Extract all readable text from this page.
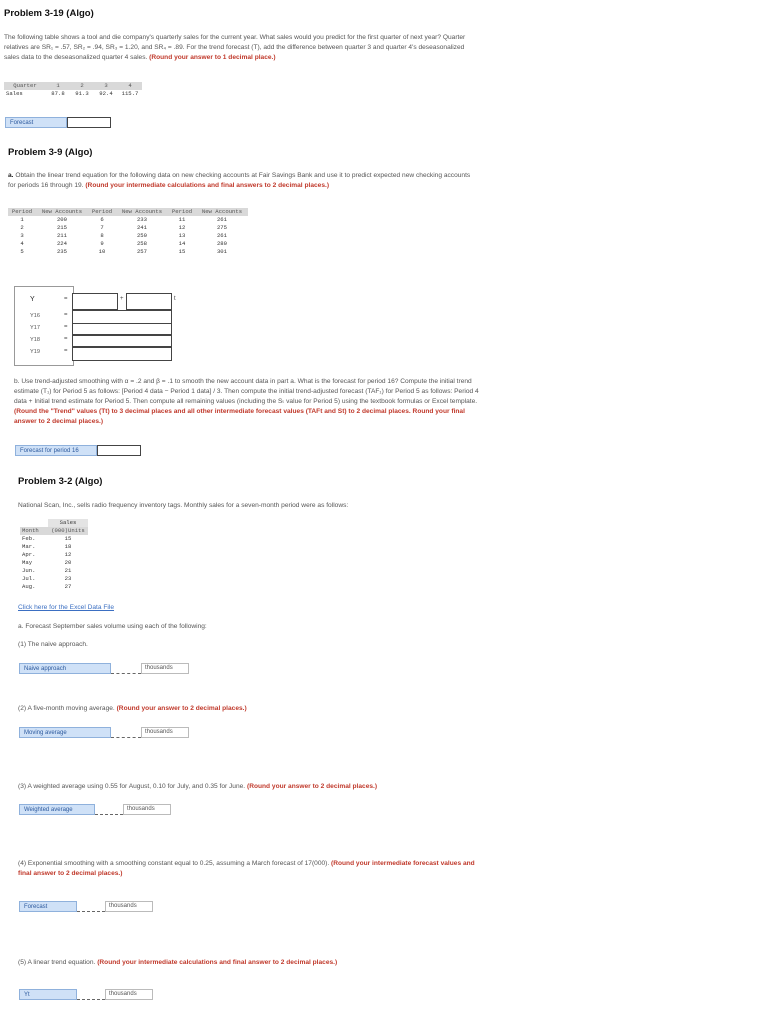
Problem 3-19 (Algo)
The following table shows a tool and die company's quarterly sales for the current year. What sales would you predict for the first quarter of next year? Quarter relatives are SR₁ = .57, SR₂ = .94, SR₃ = 1.20, and SR₄ = .89. For the trend forecast (T), add the difference between quarter 3 and quarter 4's deseasonalized sales data to the deseasonalized quarter 4 sales. (Round your answer to 1 decimal place.)
Quarter	1	2	3	4
Sales	87.8	91.3	92.4	115.7
Forecast
Problem 3-9 (Algo)
a. Obtain the linear trend equation for the following data on new checking accounts at Fair Savings Bank and use it to predict expected new checking accounts for periods 16 through 19. (Round your intermediate calculations and final answers to 2 decimal places.)
Period	New Accounts	Period	New Accounts	Period	New Accounts
1	200	6	233	11	261
2	215	7	241	12	275
3	211	8	250	13	261
4	224	9	258	14	280
5	235	10	257	15	301
Y	=	+	t
Y16	=
Y17	=
Y18	=
Y19	=
b. Use trend-adjusted smoothing with α = .2 and β = .1 to smooth the new account data in part a. What is the forecast for period 16? Compute the initial trend estimate (T₁) for Period 5 as follows: [Period 4 data − Period 1 data] / 3. Then compute the initial trend-adjusted forecast (TAF₁) for Period 5 as follows: Period 4 data + Initial trend estimate for Period 5. Then compute all remaining values (including the Sₜ value for Period 5) using the textbook formulas or Excel template. (Round the "Trend" values (Tt) to 3 decimal places and all other intermediate forecast values (TAFt and St) to 2 decimal places. Round your final answer to 2 decimal places.)
Forecast for period 16
Problem 3-2 (Algo)
National Scan, Inc., sells radio frequency inventory tags. Monthly sales for a seven-month period were as follows:
	Sales
Month	(000)Units
Feb.	15
Mar.	18
Apr.	12
May	20
Jun.	21
Jul.	23
Aug.	27
Click here for the Excel Data File
a. Forecast September sales volume using each of the following:
(1) The naive approach.
Naive approach	thousands
(2) A five-month moving average. (Round your answer to 2 decimal places.)
Moving average	thousands
(3) A weighted average using 0.55 for August, 0.10 for July, and 0.35 for June. (Round your answer to 2 decimal places.)
Weighted average	thousands
(4) Exponential smoothing with a smoothing constant equal to 0.25, assuming a March forecast of 17(000). (Round your intermediate forecast values and final answer to 2 decimal places.)
Forecast	thousands
(5) A linear trend equation. (Round your intermediate calculations and final answer to 2 decimal places.)
Yt	thousands
